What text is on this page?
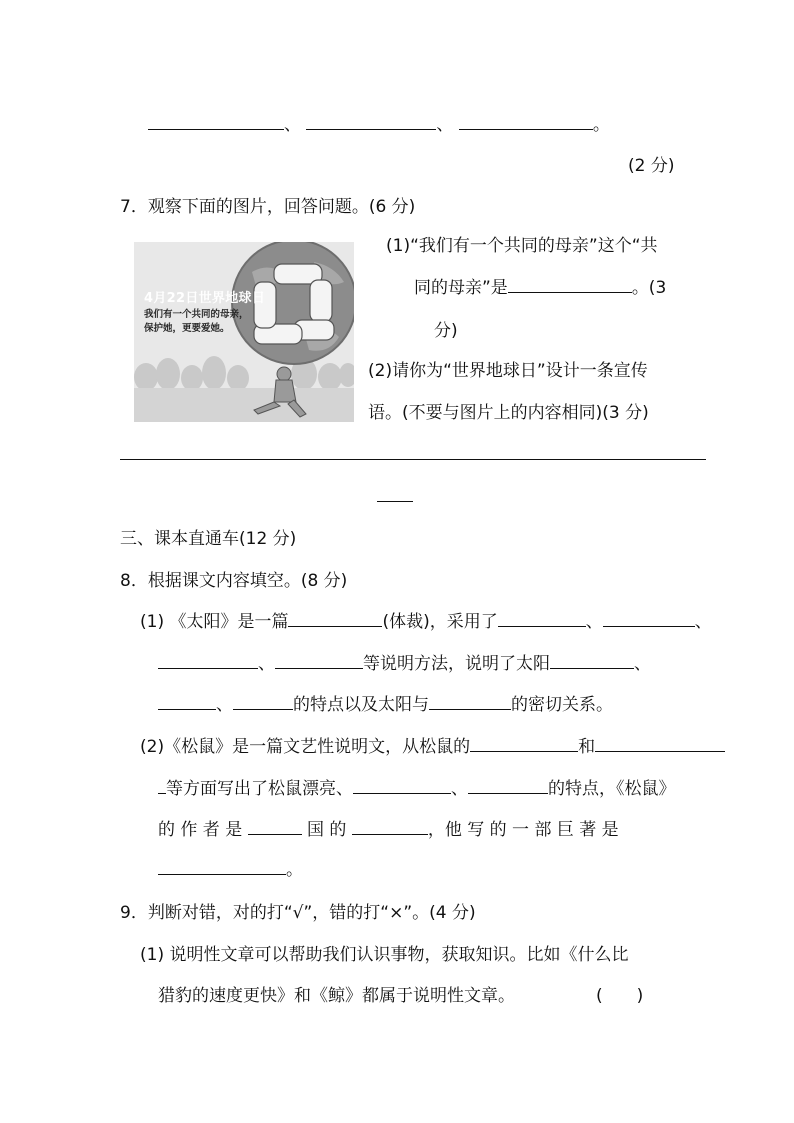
、	、	。
(2 分)
7．观察下面的图片，回答问题。(6 分)
4月22日世界地球日
我们有一个共同的母亲，
保护她，更要爱她。
(1)“我们有一个共同的母亲”这个“共
同的母亲”是	。(3
分)
(2)请你为“世界地球日”设计一条宣传
语。(不要与图片上的内容相同)(3 分)
三、课本直通车(12 分)
8．根据课文内容填空。(8 分)
(1) 《太阳》是一篇	(体裁)，采用了	、	、
、	等说明方法，说明了太阳	、
、	的特点以及太阳与	的密切关系。
(2)《松鼠》是一篇文艺性说明文，从松鼠的	和
等方面写出了松鼠漂亮、	、	的特点，《松鼠》
的 作 者 是	国 的	，他 写 的 一 部 巨 著 是
。
9．判断对错，对的打“√”，错的打“×”。(4 分)
(1) 说明性文章可以帮助我们认识事物，获取知识。比如《什么比
猎豹的速度更快》和《鲸》都属于说明性文章。	(　　)
